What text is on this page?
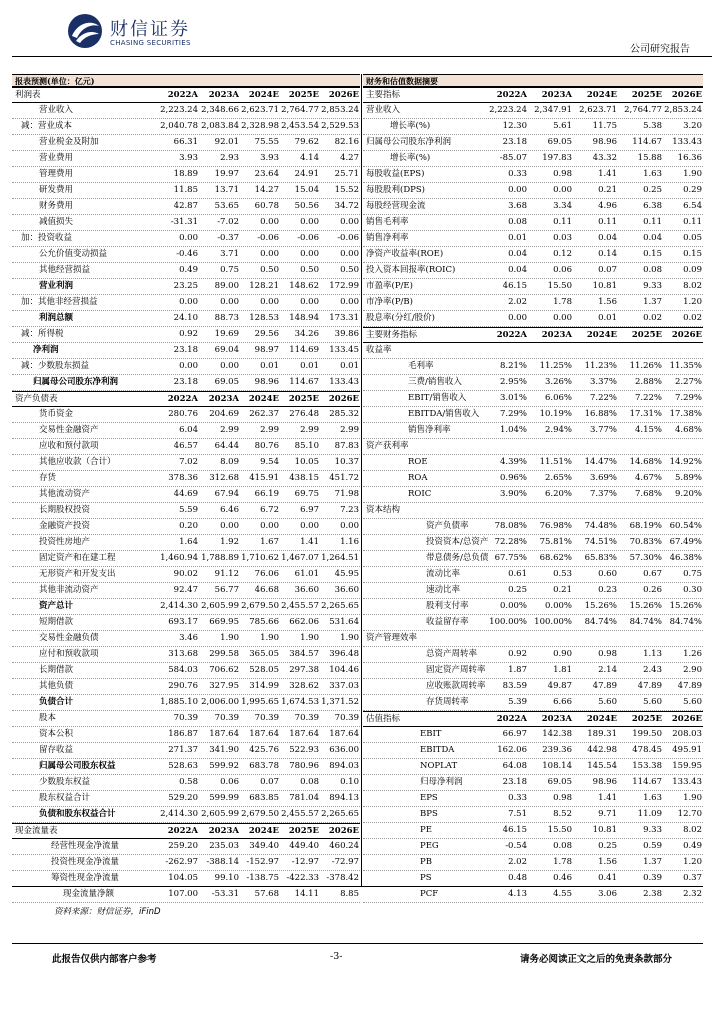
财信证券
CHASING SECURITIES
公司研究报告
报表预测(单位：亿元)
利润表	2022A	2023A	2024E	2025E	2026E
营业收入	2,223.24 2,348.66 2,623.71 2,764.77 2,853.24
减：营业成本	2,040.78 2,083.84 2,328.98 2,453.54 2,529.53
营业税金及附加	66.31	92.01	75.55	79.62	82.16
营业费用	3.93	2.93	3.93	4.14	4.27
管理费用	18.89	19.97	23.64	24.91	25.71
研发费用	11.85	13.71	14.27	15.04	15.52
财务费用	42.87	53.65	60.78	50.56	34.72
减值损失	-31.31	-7.02	0.00	0.00	0.00
加：投资收益	0.00	-0.37	-0.06	-0.06	-0.06
公允价值变动损益	-0.46	3.71	0.00	0.00	0.00
其他经营损益	0.49	0.75	0.50	0.50	0.50
营业利润	23.25	89.00	128.21	148.62	172.99
加：其他非经营损益	0.00	0.00	0.00	0.00	0.00
利润总额	24.10	88.73	128.53	148.94	173.31
减：所得税	0.92	19.69	29.56	34.26	39.86
净利润	23.18	69.04	98.97	114.69	133.45
减：少数股东损益	0.00	0.00	0.01	0.01	0.01
归属母公司股东净利润	23.18	69.05	98.96	114.67	133.43
资产负债表	2022A	2023A	2024E	2025E	2026E
货币资金	280.76	204.69	262.37	276.48	285.32
交易性金融资产	6.04	2.99	2.99	2.99	2.99
应收和预付款项	46.57	64.44	80.76	85.10	87.83
其他应收款（合计）	7.02	8.09	9.54	10.05	10.37
存货	378.36	312.68	415.91	438.15	451.72
其他流动资产	44.69	67.94	66.19	69.75	71.98
长期股权投资	5.59	6.46	6.72	6.97	7.23
金融资产投资	0.20	0.00	0.00	0.00	0.00
投资性房地产	1.64	1.92	1.67	1.41	1.16
固定资产和在建工程	1,460.94 1,788.89 1,710.62 1,467.07 1,264.51
无形资产和开发支出	90.02	91.12	76.06	61.01	45.95
其他非流动资产	92.47	56.77	46.68	36.60	36.60
资产总计	2,414.30 2,605.99 2,679.50 2,455.57 2,265.65
短期借款	693.17	669.95	785.66	662.06	531.64
交易性金融负债	3.46	1.90	1.90	1.90	1.90
应付和预收款项	313.68	299.58	365.05	384.57	396.48
长期借款	584.03	706.62	528.05	297.38	104.46
其他负债	290.76	327.95	314.99	328.62	337.03
负债合计	1,885.10 2,006.00 1,995.65 1,674.53 1,371.52
股本	70.39	70.39	70.39	70.39	70.39
资本公积	186.87	187.64	187.64	187.64	187.64
留存收益	271.37	341.90	425.76	522.93	636.00
归属母公司股东权益	528.63	599.92	683.78	780.96	894.03
少数股东权益	0.58	0.06	0.07	0.08	0.10
股东权益合计	529.20	599.99	683.85	781.04	894.13
负债和股东权益合计	2,414.30 2,605.99 2,679.50 2,455.57 2,265.65
现金流量表	2022A	2023A	2024E	2025E	2026E
经营性现金净流量	259.20	235.03	349.40	449.40	460.24
投资性现金净流量	-262.97 -388.14 -152.97	-12.97	-72.97
筹资性现金净流量	104.05	99.10 -138.75 -422.33 -378.42
现金流量净额	107.00	-53.31	57.68	14.11	8.85
财务和估值数据摘要
主要指标	2022A	2023A	2024E	2025E	2026E
营业收入	2,223.24 2,347.91 2,623.71 2,764.77 2,853.24
增长率(%)	12.30	5.61	11.75	5.38	3.20
归属母公司股东净利润	23.18	69.05	98.96	114.67	133.43
增长率(%)	-85.07	197.83	43.32	15.88	16.36
每股收益(EPS)	0.33	0.98	1.41	1.63	1.90
每股股利(DPS)	0.00	0.00	0.21	0.25	0.29
每股经营现金流	3.68	3.34	4.96	6.38	6.54
销售毛利率	0.08	0.11	0.11	0.11	0.11
销售净利率	0.01	0.03	0.04	0.04	0.05
净资产收益率(ROE)	0.04	0.12	0.14	0.15	0.15
投入资本回报率(ROIC)	0.04	0.06	0.07	0.08	0.09
市盈率(P/E)	46.15	15.50	10.81	9.33	8.02
市净率(P/B)	2.02	1.78	1.56	1.37	1.20
股息率(分红/股价)	0.00	0.00	0.01	0.02	0.02
主要财务指标	2022A	2023A	2024E	2025E	2026E
收益率
毛利率	8.21%	11.25%	11.23%	11.26% 11.35%
三费/销售收入	2.95%	3.26%	3.37%	2.88%	2.27%
EBIT/销售收入	3.01%	6.06%	7.22%	7.22%	7.29%
EBITDA/销售收入	7.29%	10.19%	16.88%	17.31% 17.38%
销售净利率	1.04%	2.94%	3.77%	4.15%	4.68%
资产获利率
ROE	4.39%	11.51%	14.47%	14.68% 14.92%
ROA	0.96%	2.65%	3.69%	4.67%	5.89%
ROIC	3.90%	6.20%	7.37%	7.68%	9.20%
资本结构
资产负债率	78.08%	76.98%	74.48%	68.19% 60.54%
投资资本/总资产 72.28%	75.81%	74.51%	70.83% 67.49%
带息债务/总负债 67.75%	68.62%	65.83%	57.30% 46.38%
流动比率	0.61	0.53	0.60	0.67	0.75
速动比率	0.25	0.21	0.23	0.26	0.30
股利支付率	0.00%	0.00%	15.26%	15.26% 15.26%
收益留存率	100.00% 100.00%	84.74%	84.74% 84.74%
资产管理效率
总资产周转率	0.92	0.90	0.98	1.13	1.26
固定资产周转率	1.87	1.81	2.14	2.43	2.90
应收账款周转率	83.59	49.87	47.89	47.89	47.89
存货周转率	5.39	6.66	5.60	5.60	5.60
估值指标	2022A	2023A	2024E	2025E	2026E
EBIT	66.97	142.38	189.31	199.50	208.03
EBITDA	162.06	239.36	442.98	478.45	495.91
NOPLAT	64.08	108.14	145.54	153.38	159.95
归母净利润	23.18	69.05	98.96	114.67	133.43
EPS	0.33	0.98	1.41	1.63	1.90
BPS	7.51	8.52	9.71	11.09	12.70
PE	46.15	15.50	10.81	9.33	8.02
PEG	-0.54	0.08	0.25	0.59	0.49
PB	2.02	1.78	1.56	1.37	1.20
PS	0.48	0.46	0.41	0.39	0.37
PCF	4.13	4.55	3.06	2.38	2.32
资料来源：财信证券，iFinD
此报告仅供内部客户参考	-3-	请务必阅读正文之后的免责条款部分
